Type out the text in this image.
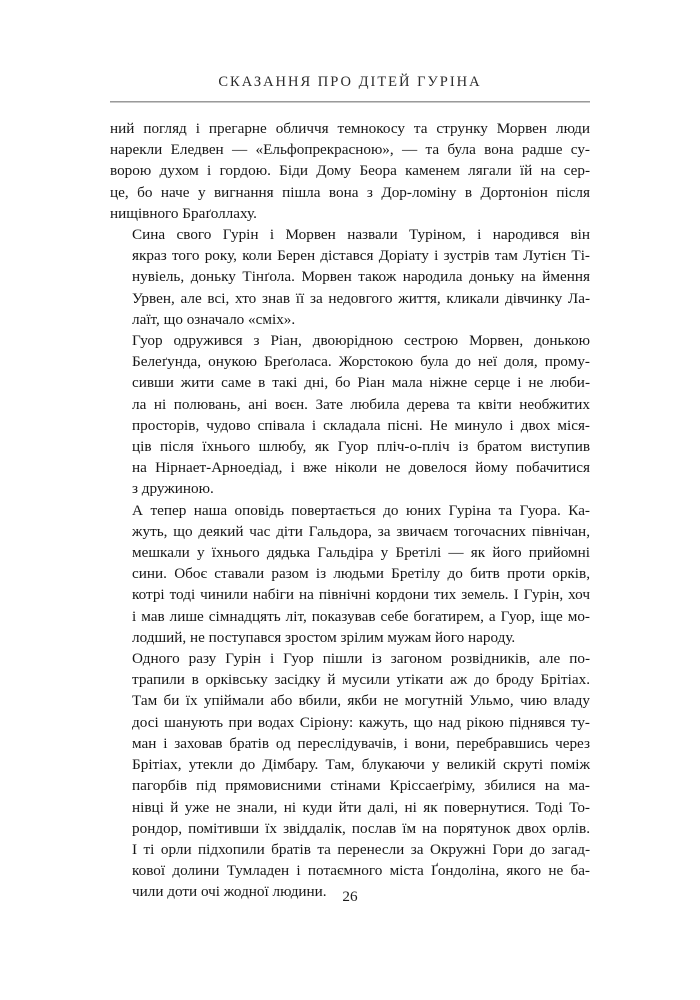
СКАЗАННЯ ПРО ДІТЕЙ ГУРІНА

ний погляд і прегарне обличчя темнокосу та струнку Морвен люди
нарекли Еледвен — «Ельфопрекрасною», — та була вона радше су-
ворою духом і гордою. Біди Дому Беора каменем лягали їй на сер-
це, бо наче у вигнання пішла вона з Дор-ломіну в Дортоніон після
нищівного Браґоллаху.

Сина свого Гурін і Морвен назвали Туріном, і народився він
якраз того року, коли Берен дістався Доріату і зустрів там Лутієн Ті-
нувіель, доньку Тінґола. Морвен також народила доньку на ймення
Урвен, але всі, хто знав її за недовгого життя, кликали дівчинку Ла-
лаїт, що означало «сміх».

Гуор одружився з Ріан, двоюрідною сестрою Морвен, донькою
Белеґунда, онукою Бреґоласа. Жорстокою була до неї доля, прому-
сивши жити саме в такі дні, бо Ріан мала ніжне серце і не люби-
ла ні полювань, ані воєн. Зате любила дерева та квіти необжитих
просторів, чудово співала і складала пісні. Не минуло і двох міся-
ців після їхнього шлюбу, як Гуор пліч-о-пліч із братом виступив
на Нірнает-Арноедіад, і вже ніколи не довелося йому побачитися
з дружиною.

А тепер наша оповідь повертається до юних Гуріна та Гуора. Ка-
жуть, що деякий час діти Гальдора, за звичаєм тогочасних північан,
мешкали у їхнього дядька Гальдіра у Бретілі — як його прийомні
сини. Обоє ставали разом із людьми Бретілу до битв проти орків,
котрі тоді чинили набіги на північні кордони тих земель. І Гурін, хоч
і мав лише сімнадцять літ, показував себе богатирем, а Гуор, іще мо-
лодший, не поступався зростом зрілим мужам його народу.

Одного разу Гурін і Гуор пішли із загоном розвідників, але по-
трапили в орківську засідку й мусили утікати аж до броду Брітіах.
Там би їх упіймали або вбили, якби не могутній Ульмо, чию владу
досі шанують при водах Сіріону: кажуть, що над рікою піднявся ту-
ман і заховав братів од переслідувачів, і вони, перебравшись через
Брітіах, утекли до Дімбару. Там, блукаючи у великій скруті поміж
пагорбів під прямовисними стінами Кріссаеґріму, збилися на ма-
нівці й уже не знали, ні куди йти далі, ні як повернутися. Тоді То-
рондор, помітивши їх звіддалік, послав їм на порятунок двох орлів.
І ті орли підхопили братів та перенесли за Окружні Гори до загад-
кової долини Тумладен і потаємного міста Ґондоліна, якого не ба-
чили доти очі жодної людини.	26
